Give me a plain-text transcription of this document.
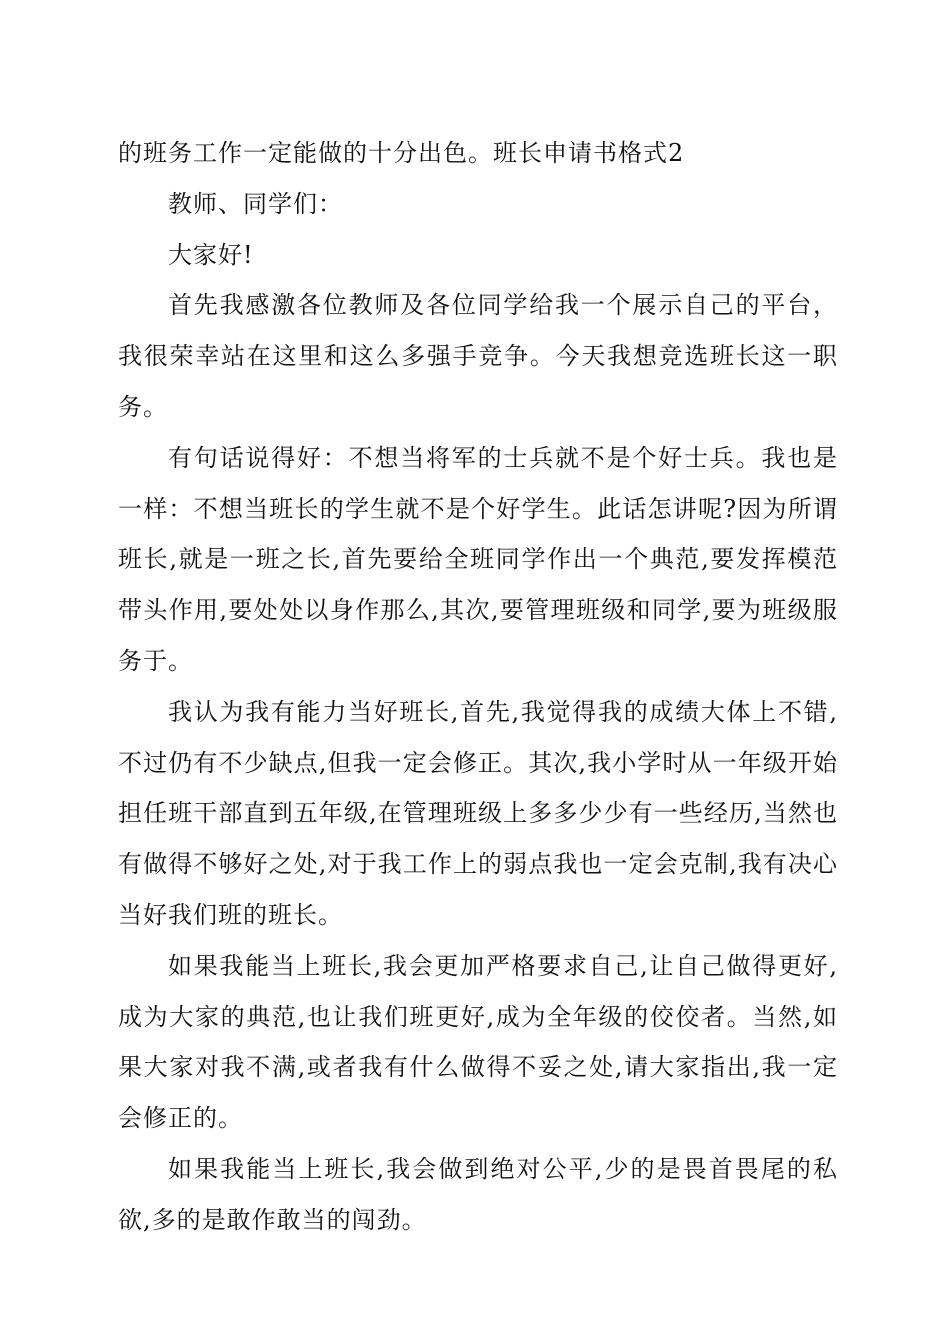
的班务工作一定能做的十分出色。班长申请书格式2

教师、同学们：

大家好!

首先我感激各位教师及各位同学给我一个展示自己的平台，我很荣幸站在这里和这么多强手竞争。今天我想竞选班长这一职务。

有句话说得好：不想当将军的士兵就不是个好士兵。我也是一样：不想当班长的学生就不是个好学生。此话怎讲呢?因为所谓班长,就是一班之长,首先要给全班同学作出一个典范,要发挥模范带头作用,要处处以身作那么,其次,要管理班级和同学,要为班级服务于。

我认为我有能力当好班长,首先,我觉得我的成绩大体上不错,不过仍有不少缺点,但我一定会修正。其次,我小学时从一年级开始担任班干部直到五年级,在管理班级上多多少少有一些经历,当然也有做得不够好之处,对于我工作上的弱点我也一定会克制,我有决心当好我们班的班长。

如果我能当上班长,我会更加严格要求自己,让自己做得更好,成为大家的典范,也让我们班更好,成为全年级的佼佼者。当然,如果大家对我不满,或者我有什么做得不妥之处,请大家指出,我一定会修正的。

如果我能当上班长,我会做到绝对公平,少的是畏首畏尾的私欲,多的是敢作敢当的闯劲。
